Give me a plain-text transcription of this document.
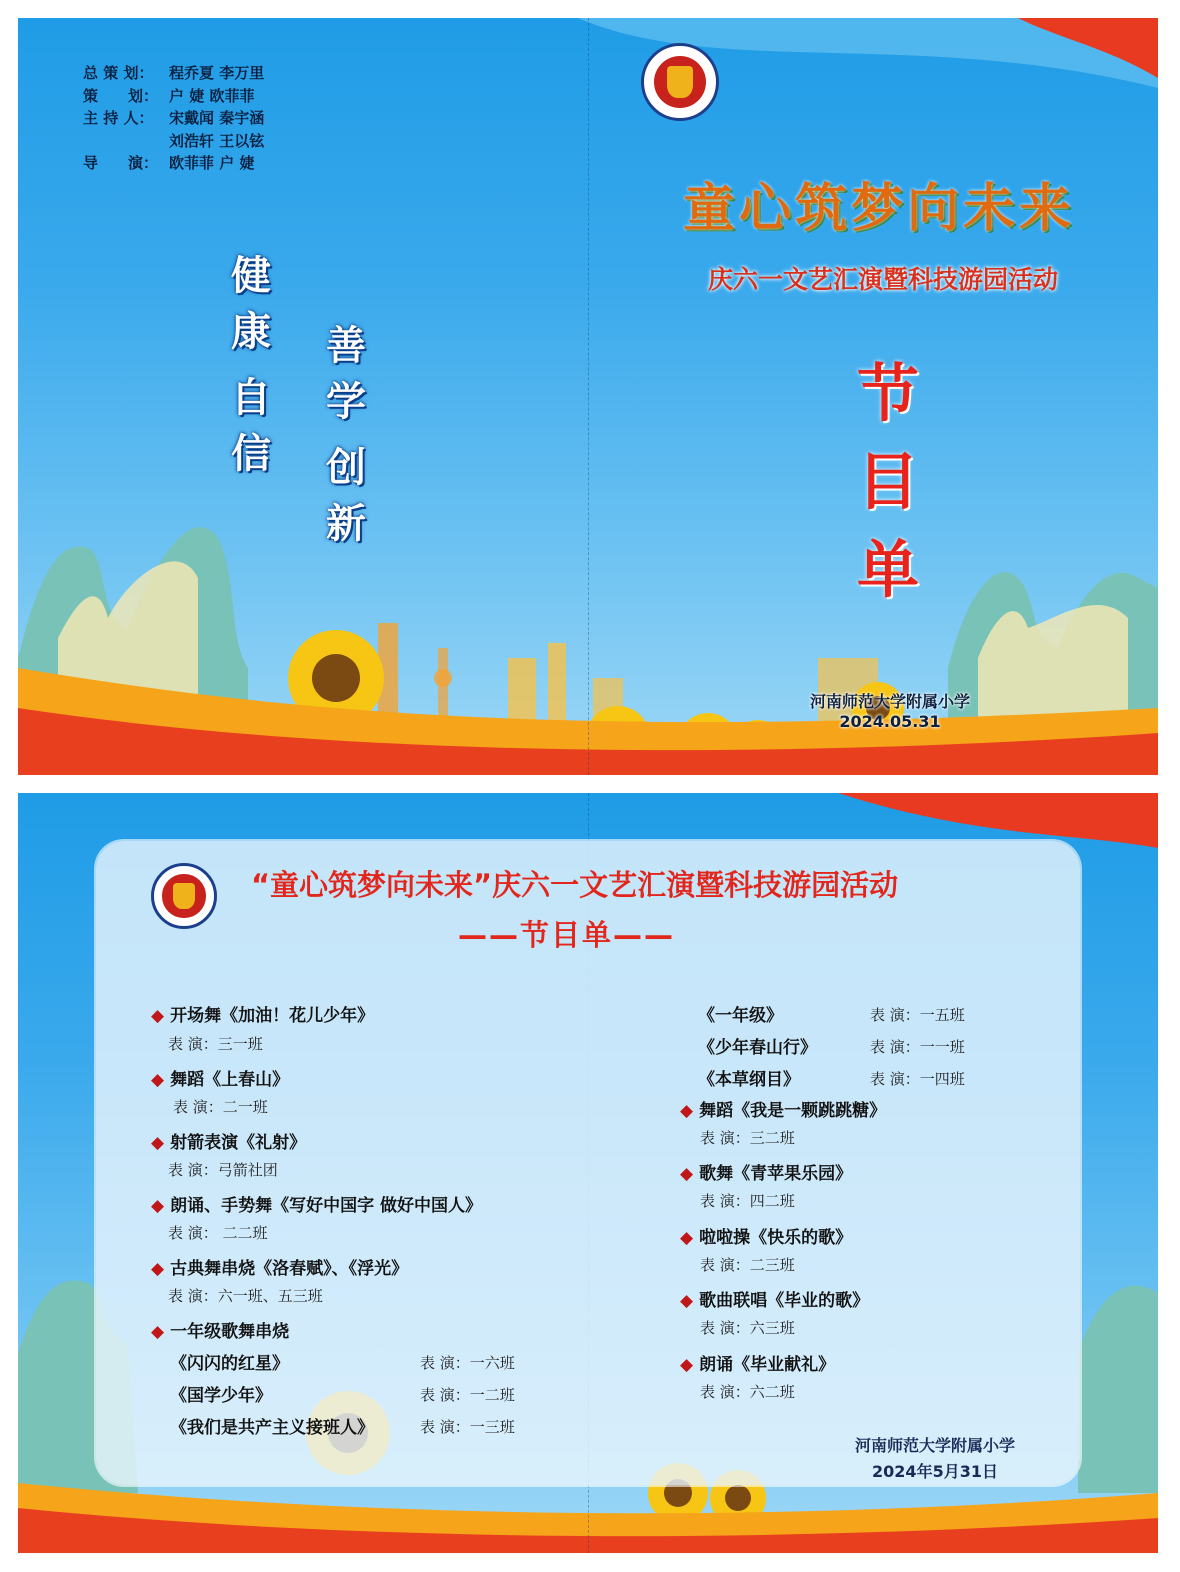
总 策 划：	程乔夏 李万里
策　　划： 户 婕 欧菲菲
主 持 人：	宋戴闻 秦宇涵
刘浩轩 王以铉
导　　演： 欧菲菲 户 婕
健
康
自
信
善
学
创
新
童心筑梦向未来
庆六一文艺汇演暨科技游园活动
节
目
单
河南师范大学附属小学
2024.05.31
“童心筑梦向未来”庆六一文艺汇演暨科技游园活动
——节目单——
◆ 开场舞《加油！花儿少年》
表 演：三一班
◆ 舞蹈《上春山》
表 演：二一班
◆ 射箭表演《礼射》
表 演：弓箭社团
◆ 朗诵、手势舞《写好中国字 做好中国人》
表 演： 二二班
◆ 古典舞串烧《洛春赋》、《浮光》
表 演：六一班、五三班
◆ 一年级歌舞串烧
《闪闪的红星》	表 演：一六班
《国学少年》	表 演：一二班
《我们是共产主义接班人》	表 演：一三班
《一年级》	表 演：一五班
《少年春山行》	表 演：一一班
《本草纲目》	表 演：一四班
◆ 舞蹈《我是一颗跳跳糖》
表 演：三二班
◆ 歌舞《青苹果乐园》
表 演：四二班
◆ 啦啦操《快乐的歌》
表 演：二三班
◆ 歌曲联唱《毕业的歌》
表 演：六三班
◆ 朗诵《毕业献礼》
表 演：六二班
河南师范大学附属小学
2024年5月31日
